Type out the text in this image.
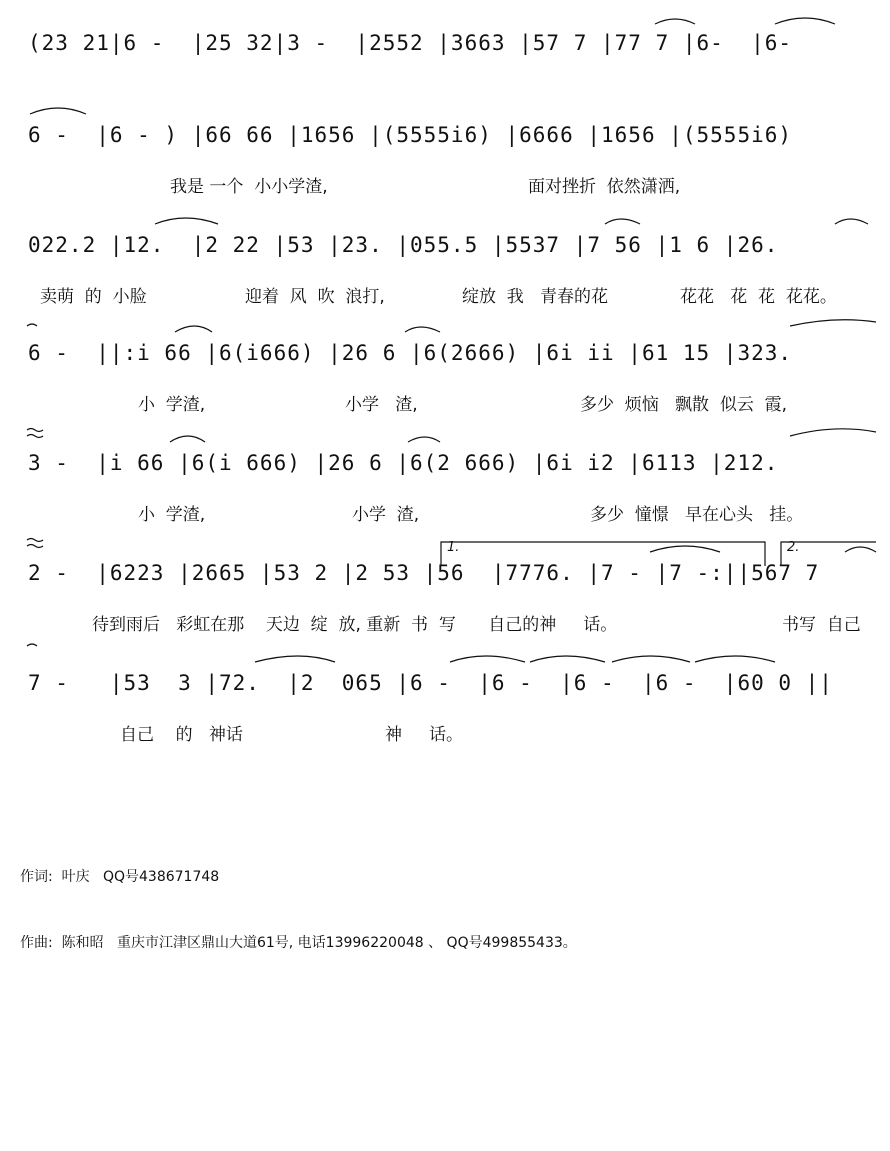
(23 21|6 -  |25 32|3 -  |2552 |3663 |57 7 |77 7 |6-  |6-
6 -  |6 - ) |66 66 |1656 |(5555i6) |6666 |1656 |(5555i6)
我是 一个  小小学渣,	面对挫折  依然潇洒,
022.2 |12.  |2 22 |53 |23. |055.5 |5537 |7 56 |1 6 |26.
卖萌  的  小脸	迎着  风  吹  浪打,	绽放  我   青春的花	花花   花  花  花花。
6 -  ||:i 66 |6(i666) |26 6 |6(2666) |6i ii |61 15 |323.
小  学渣,	小学   渣,	多少  烦恼   飘散  似云  霞,
3 -  |i 66 |6(i 666) |26 6 |6(2 666) |6i i2 |6113 |212.
小  学渣,	小学  渣,	多少  憧憬   早在心头   挂。
2 -  |6223 |2665 |53 2 |2 53 |56  |7776. |7 - |7 -:||567 7
待到雨后   彩虹在那    天边  绽  放, 重新  书  写      自己的神     话。	书写  自己
1.	2.
7 -   |53  3 |72.  |2  065 |6 -  |6 -  |6 -  |6 -  |60 0 ||
自己    的   神话	神     话。

作词:  叶庆   QQ号438671748

作曲:  陈和昭   重庆市江津区鼎山大道61号, 电话13996220048 、 QQ号499855433。
